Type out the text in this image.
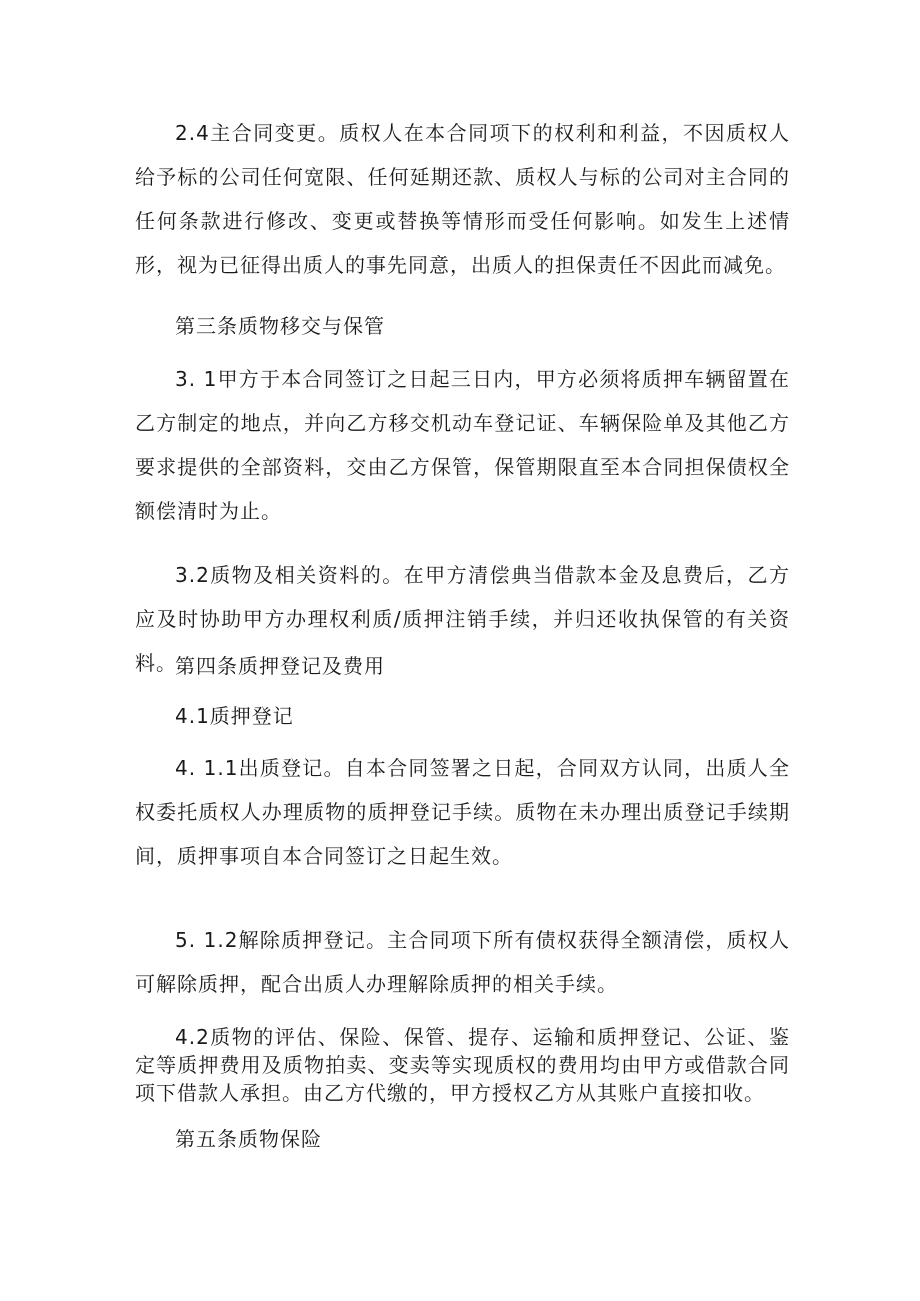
2.4主合同变更。质权人在本合同项下的权利和利益，不因质权人给予标的公司任何宽限、任何延期还款、质权人与标的公司对主合同的任何条款进行修改、变更或替换等情形而受任何影响。如发生上述情形，视为已征得出质人的事先同意，出质人的担保责任不因此而减免。

第三条质物移交与保管

3. 1甲方于本合同签订之日起三日内，甲方必须将质押车辆留置在乙方制定的地点，并向乙方移交机动车登记证、车辆保险单及其他乙方要求提供的全部资料，交由乙方保管，保管期限直至本合同担保债权全额偿清时为止。

3.2质物及相关资料的。在甲方清偿典当借款本金及息费后，乙方应及时协助甲方办理权利质/质押注销手续，并归还收执保管的有关资料。

第四条质押登记及费用

4.1质押登记

4. 1.1出质登记。自本合同签署之日起，合同双方认同，出质人全权委托质权人办理质物的质押登记手续。质物在未办理出质登记手续期间，质押事项自本合同签订之日起生效。

5. 1.2解除质押登记。主合同项下所有债权获得全额清偿，质权人可解除质押，配合出质人办理解除质押的相关手续。

4.2质物的评估、保险、保管、提存、运输和质押登记、公证、鉴定等质押费用及质物拍卖、变卖等实现质权的费用均由甲方或借款合同项下借款人承担。由乙方代缴的，甲方授权乙方从其账户直接扣收。

第五条质物保险
